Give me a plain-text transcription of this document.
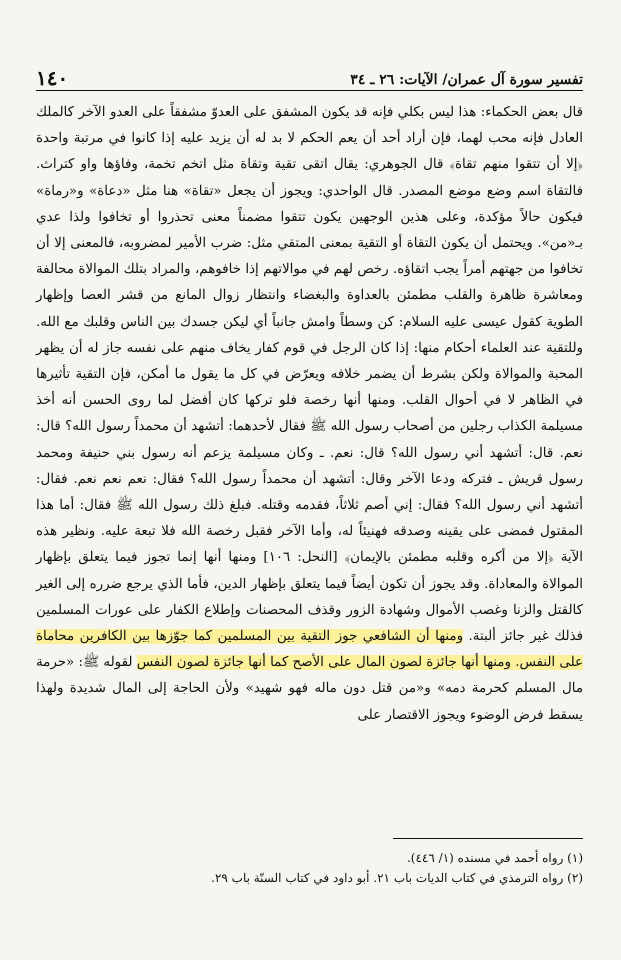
تفسير سورة آل عمران/ الآيات: ٢٦ ـ ٣٤
١٤٠

قال بعض الحكماء: هذا ليس بكلي فإنه قد يكون المشفق على العدوّ مشفقاً على العدو الآخر كالملك العادل فإنه محب لهما، فإن أراد أحد أن يعم الحكم لا بد له أن يزيد عليه إذا كانوا في مرتبة واحدة ﴿إلا أن تتقوا منهم تقاة﴾ قال الجوهري: يقال اتقى تقية وتقاة مثل اتخم تخمة، وفاؤها واو كتراث. فالتقاة اسم وضع موضع المصدر. قال الواحدي: ويجوز أن يجعل «تقاة» هنا مثل «دعاة» و«رماة» فيكون حالاً مؤكدة، وعلى هذين الوجهين يكون تتقوا مضمناً معنى تحذروا أو تخافوا ولذا عدي بـ«من». ويحتمل أن يكون التقاة أو التقية بمعنى المتقي مثل: ضرب الأمير لمضروبه، فالمعنى إلا أن تخافوا من جهتهم أمراً يجب اتقاؤه. رخص لهم في موالاتهم إذا خافوهم، والمراد بتلك الموالاة محالفة ومعاشرة ظاهرة والقلب مطمئن بالعداوة والبغضاء وانتظار زوال المانع من قشر العصا وإظهار الطوية كقول عيسى عليه السلام: كن وسطاً وامش جانباً أي ليكن جسدك بين الناس وقلبك مع الله. وللتقية عند العلماء أحكام منها: إذا كان الرجل في قوم كفار يخاف منهم على نفسه جاز له أن يظهر المحبة والموالاة ولكن بشرط أن يضمر خلافه ويعرّض في كل ما يقول ما أمكن، فإن التقية تأثيرها في الظاهر لا في أحوال القلب. ومنها أنها رخصة فلو تركها كان أفضل لما روى الحسن أنه أخذ مسيلمة الكذاب رجلين من أصحاب رسول الله ﷺ فقال لأحدهما: أتشهد أن محمداً رسول الله؟ قال: نعم. قال: أتشهد أني رسول الله؟ قال: نعم. ـ وكان مسيلمة يزعم أنه رسول بني حنيفة ومحمد رسول قريش ـ فتركه ودعا الآخر وقال: أتشهد أن محمداً رسول الله؟ فقال: نعم نعم نعم. فقال: أتشهد أني رسول الله؟ فقال: إني أصم ثلاثاً، فقدمه وقتله. فبلغ ذلك رسول الله ﷺ فقال: أما هذا المقتول فمضى على يقينه وصدقه فهنيئاً له، وأما الآخر فقبل رخصة الله فلا تبعة عليه. ونظير هذه الآية ﴿إلا من أكره وقلبه مطمئن بالإيمان﴾ [النحل: ١٠٦] ومنها أنها إنما تجوز فيما يتعلق بإظهار الموالاة والمعاداة. وقد يجوز أن تكون أيضاً فيما يتعلق بإظهار الدين، فأما الذي يرجع ضرره إلى الغير كالقتل والزنا وغصب الأموال وشهادة الزور وقذف المحصنات وإطلاع الكفار على عورات المسلمين فذلك غير جائز ألبتة. ومنها أن الشافعي جوز التقية بين المسلمين كما جوّزها بين الكافرين محاماة على النفس. ومنها أنها جائزة لصون المال على الأصح كما أنها جائزة لصون النفس لقوله ﷺ: «حرمة مال المسلم كحرمة دمه» و«من قتل دون ماله فهو شهيد» ولأن الحاجة إلى المال شديدة ولهذا يسقط فرض الوضوء ويجوز الاقتصار على

(١) رواه أحمد في مسنده (١/ ٤٤٦).
(٢) رواه الترمذي في كتاب الديات باب ٢١. أبو داود في كتاب السنّة باب ٢٩.
